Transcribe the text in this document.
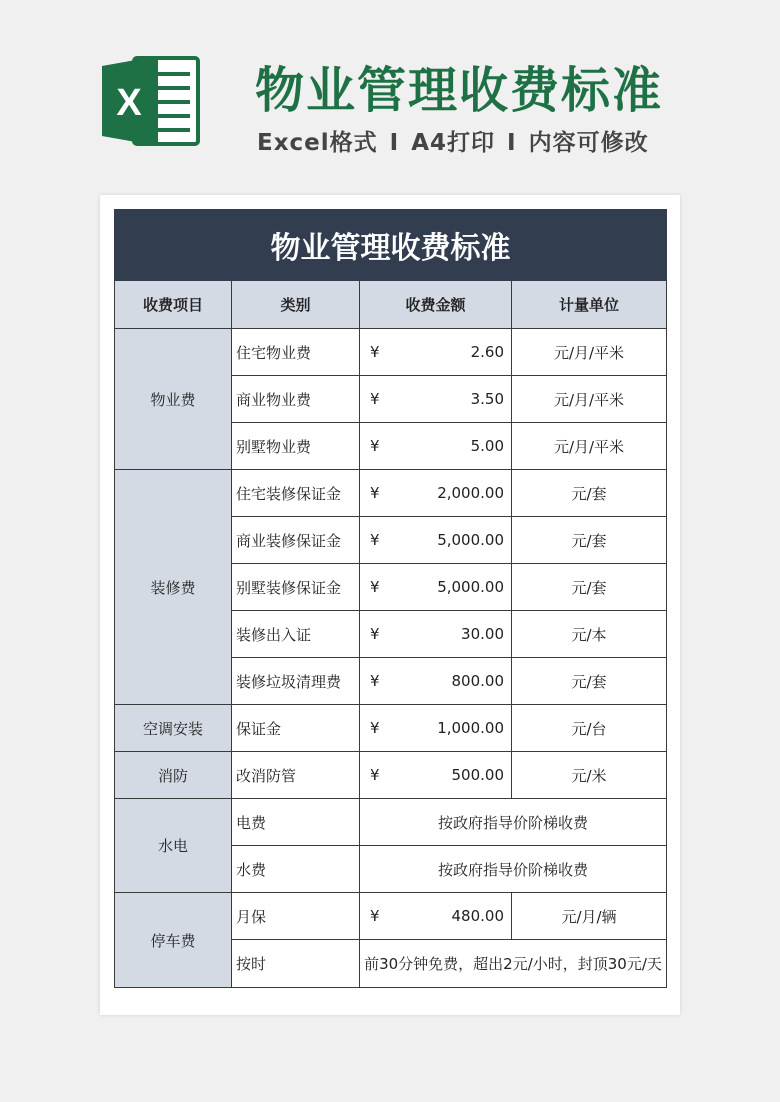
X 物业管理收费标准
Excel格式 I A4打印 I 内容可修改
物业管理收费标准			
收费项目	类别	收费金额	计量单位
物业费	住宅物业费	¥ 2.60	元/月/平米
	商业物业费	¥ 3.50	元/月/平米
	别墅物业费	¥ 5.00	元/月/平米
装修费	住宅装修保证金	¥ 2,000.00	元/套
	商业装修保证金	¥ 5,000.00	元/套
	别墅装修保证金	¥ 5,000.00	元/套
	装修出入证	¥ 30.00	元/本
	装修垃圾清理费	¥ 800.00	元/套
空调安装	保证金	¥ 1,000.00	元/台
消防	改消防管	¥ 500.00	元/米
水电	电费	按政府指导价阶梯收费	
	水费	按政府指导价阶梯收费	
停车费	月保	¥ 480.00	元/月/辆
	按时	前30分钟免费，超出2元/小时，封顶30元/天	
